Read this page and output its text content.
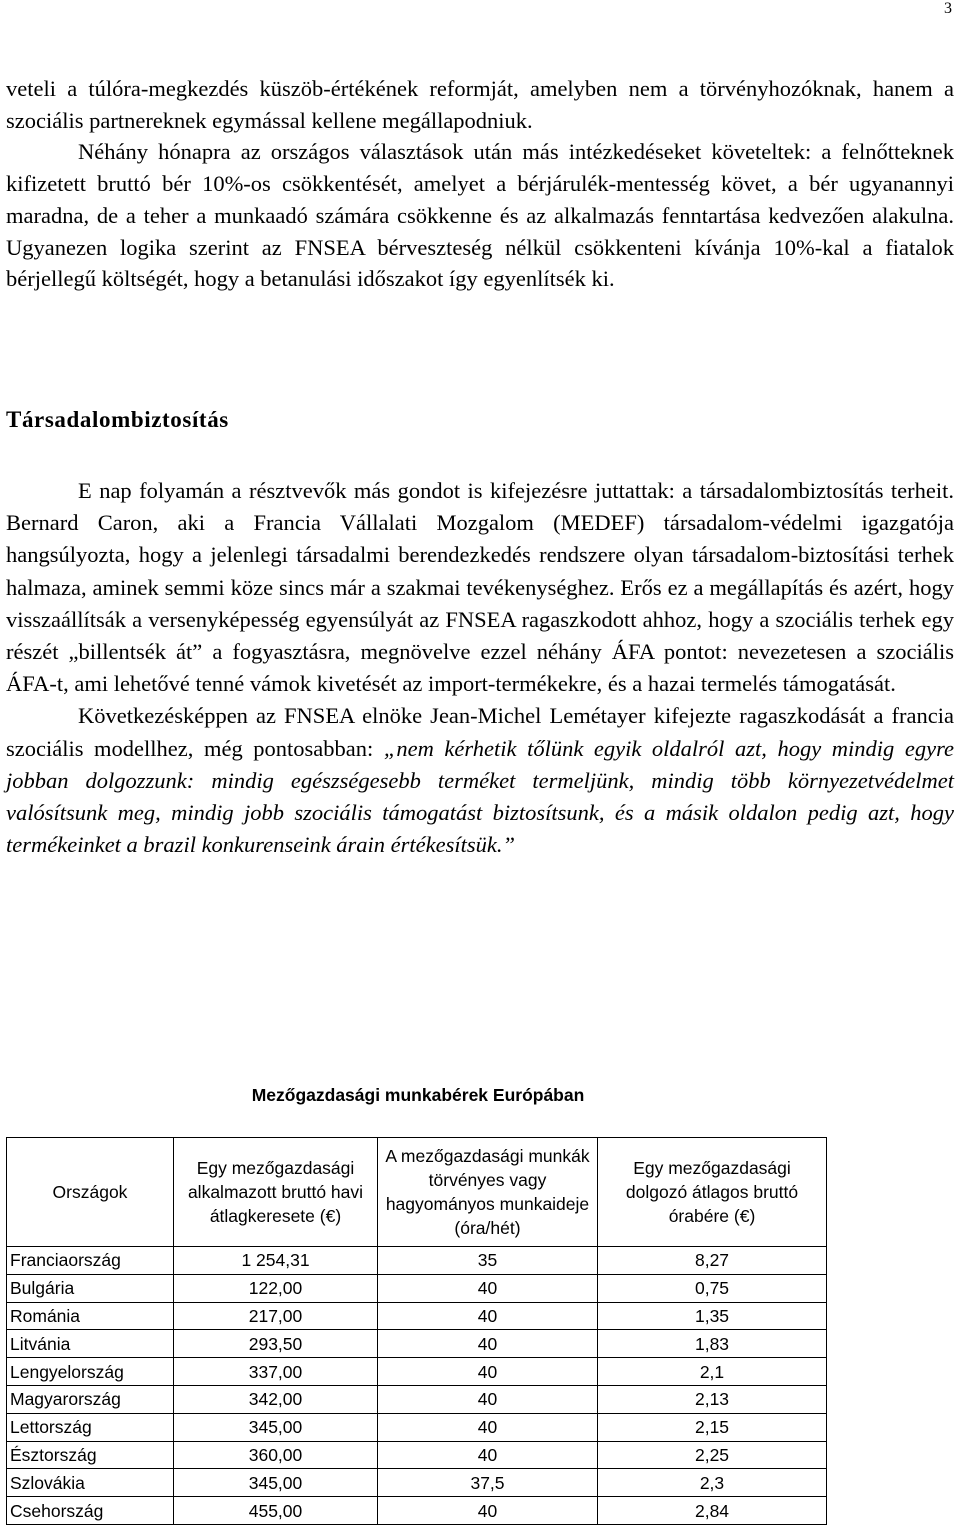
3

veteli a túlóra-megkezdés küszöb-értékének reformját, amelyben nem a törvényhozóknak, hanem a szociális partnereknek egymással kellene megállapodniuk.

Néhány hónapra az országos választások után más intézkedéseket követeltek: a felnőtteknek kifizetett bruttó bér 10%-os csökkentését, amelyet a bérjárulék-mentesség követ, a bér ugyanannyi maradna, de a teher a munkaadó számára csökkenne és az alkalmazás fenntartása kedvezően alakulna. Ugyanezen logika szerint az FNSEA bérveszteség nélkül csökkenteni kívánja 10%-kal a fiatalok bérjellegű költségét, hogy a betanulási időszakot így egyenlítsék ki.

Társadalombiztosítás

E nap folyamán a résztvevők más gondot is kifejezésre juttattak: a társadalombiztosítás terheit. Bernard Caron, aki a Francia Vállalati Mozgalom (MEDEF) társadalom-védelmi igazgatója hangsúlyozta, hogy a jelenlegi társadalmi berendezkedés rendszere olyan társadalom-biztosítási terhek halmaza, aminek semmi köze sincs már a szakmai tevékenységhez. Erős ez a megállapítás és azért, hogy visszaállítsák a versenyképesség egyensúlyát az FNSEA ragaszkodott ahhoz, hogy a szociális terhek egy részét „billentsék át” a fogyasztásra, megnövelve ezzel néhány ÁFA pontot: nevezetesen a szociális ÁFA-t, ami lehetővé tenné vámok kivetését az import-termékekre, és a hazai termelés támogatását.

Következésképpen az FNSEA elnöke Jean-Michel Lemétayer kifejezte ragaszkodását a francia szociális modellhez, még pontosabban: „nem kérhetik tőlünk egyik oldalról azt, hogy mindig egyre jobban dolgozzunk: mindig egészségesebb terméket termeljünk, mindig több környezetvédelmet valósítsunk meg, mindig jobb szociális támogatást biztosítsunk, és a másik oldalon pedig azt, hogy termékeinket a brazil konkurenseink árain értékesítsük.”

Mezőgazdasági munkabérek Európában
Országok	Egy mezőgazdasági alkalmazott bruttó havi átlagkeresete (€)	A mezőgazdasági munkák törvényes vagy hagyományos munkaideje (óra/hét)	Egy mezőgazdasági dolgozó átlagos bruttó órabére (€)
Franciaország	1 254,31	35	8,27
Bulgária	122,00	40	0,75
Románia	217,00	40	1,35
Litvánia	293,50	40	1,83
Lengyelország	337,00	40	2,1
Magyarország	342,00	40	2,13
Lettország	345,00	40	2,15
Észtország	360,00	40	2,25
Szlovákia	345,00	37,5	2,3
Csehország	455,00	40	2,84
